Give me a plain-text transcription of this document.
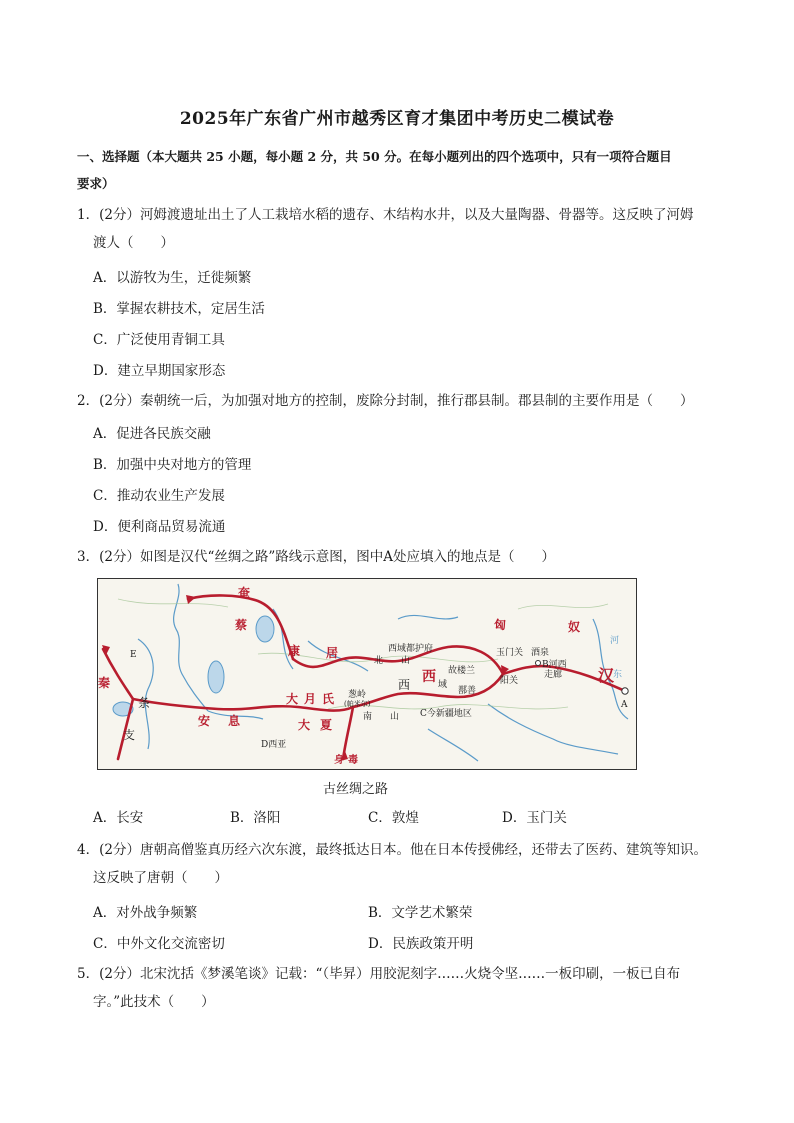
2025年广东省广州市越秀区育才集团中考历史二模试卷
一、选择题（本大题共 25 小题，每小题 2 分，共 50 分。在每小题列出的四个选项中，只有一项符合题目
要求）
1．(2分）河姆渡遗址出土了人工栽培水稻的遗存、木结构水井，以及大量陶器、骨器等。这反映了河姆
渡人（　　）
A．以游牧为生，迁徙频繁
B．掌握农耕技术，定居生活
C．广泛使用青铜工具
D．建立早期国家形态
2．(2分）秦朝统一后，为加强对地方的控制，废除分封制，推行郡县制。郡县制的主要作用是（　　）
A．促进各民族交融
B．加强中央对地方的管理
C．推动农业生产发展
D．便利商品贸易流通
3．(2分）如图是汉代“丝绸之路”路线示意图，图中A处应填入的地点是（　　）
奄
蔡
康 居
匈	奴
汉
西
大 月 氏
大 夏
安 息
秦
身 毒
条
支
西	域
北 山
南 山
西域都护府	玉门关 酒泉
故楼兰
阳关
鄯善
葱岭
(帕米尔)	A
B河西
走廊
C今新疆地区
D西亚
E
河
东
古丝绸之路
A．长安	B．洛阳	C．敦煌	D．玉门关
4．(2分）唐朝高僧鉴真历经六次东渡，最终抵达日本。他在日本传授佛经，还带去了医药、建筑等知识。
这反映了唐朝（　　）
A．对外战争频繁	B．文学艺术繁荣
C．中外文化交流密切	D．民族政策开明
5．(2分）北宋沈括《梦溪笔谈》记载：“（毕昇）用胶泥刻字……火烧令坚……一板印刷，一板已自布
字。”此技术（　　）
